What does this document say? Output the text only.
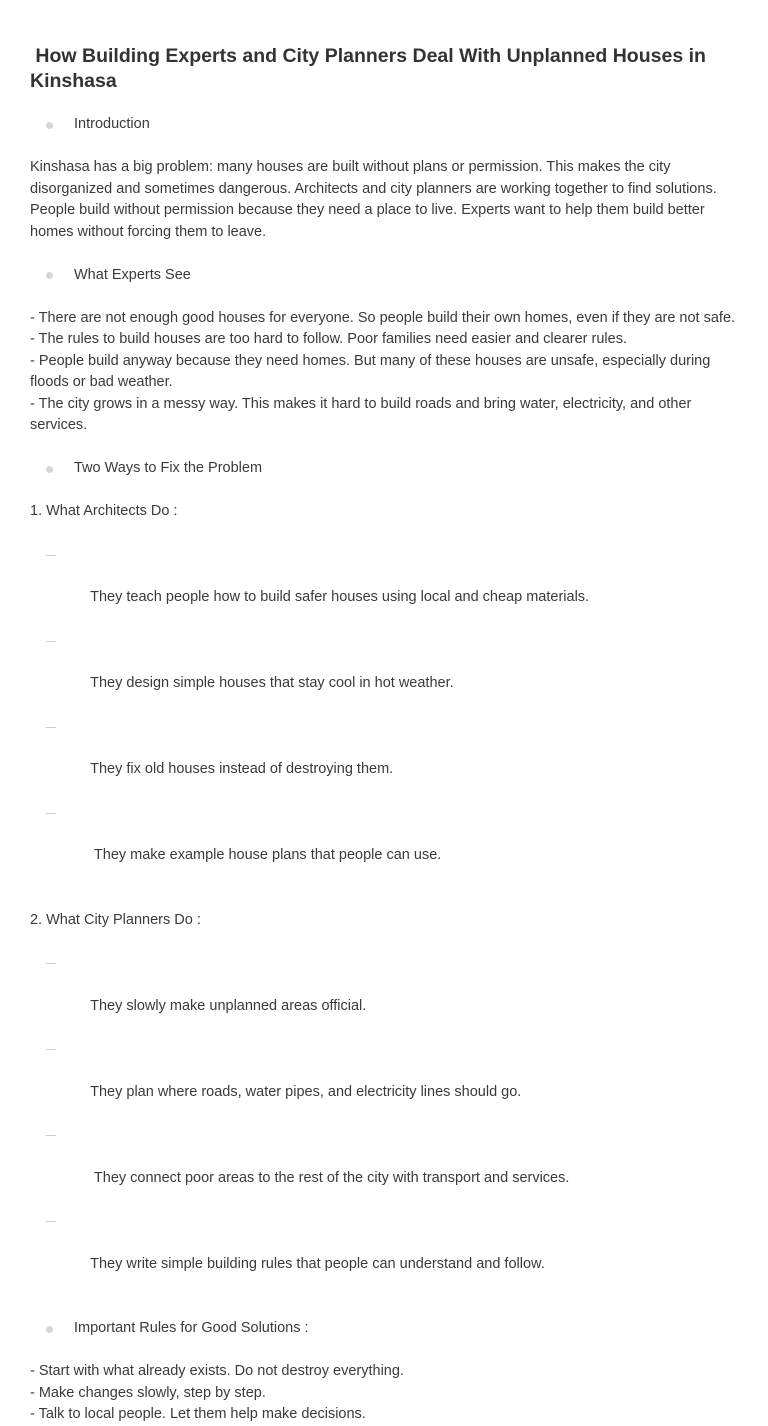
How Building Experts and City Planners Deal With Unplanned Houses in Kinshasa
Introduction

Kinshasa has a big problem: many houses are built without plans or permission. This makes the city disorganized and sometimes dangerous. Architects and city planners are working together to find solutions.

People build without permission because they need a place to live. Experts want to help them build better homes without forcing them to leave.

What Experts See

- There are not enough good houses for everyone. So people build their own homes, even if they are not safe.

- The rules to build houses are too hard to follow. Poor families need easier and clearer rules.

- People build anyway because they need homes. But many of these houses are unsafe, especially during floods or bad weather.

- The city grows in a messy way. This makes it hard to build roads and bring water, electricity, and other services.

Two Ways to Fix the Problem

1. What Architects Do :

They teach people how to build safer houses using local and cheap materials.

They design simple houses that stay cool in hot weather.

They fix old houses instead of destroying them.

They make example house plans that people can use.

2. What City Planners Do :

They slowly make unplanned areas official.

They plan where roads, water pipes, and electricity lines should go.

They connect poor areas to the rest of the city with transport and services.

They write simple building rules that people can understand and follow.

Important Rules for Good Solutions :

- Start with what already exists. Do not destroy everything.

- Make changes slowly, step by step.

- Talk to local people. Let them help make decisions.
